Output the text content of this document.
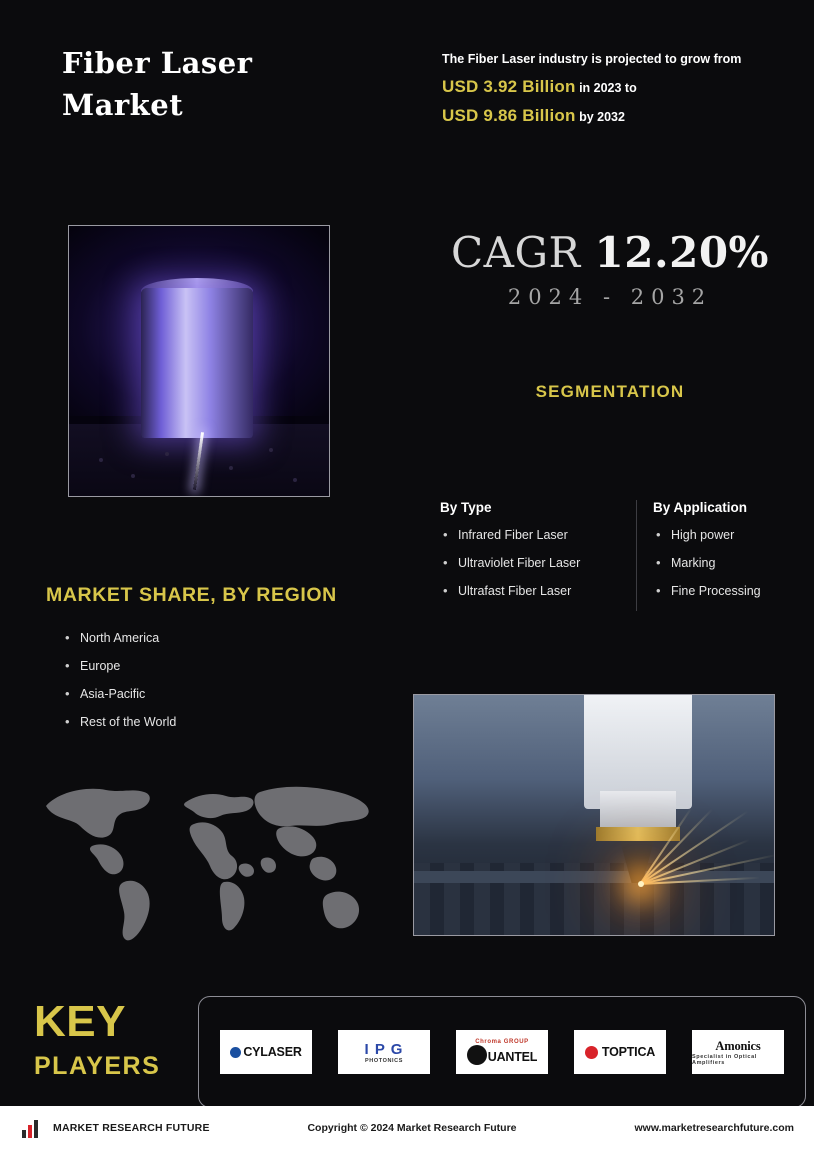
Fiber Laser
Market
The Fiber Laser industry is projected to grow from
USD 3.92 Billion in 2023 to
USD 9.86 Billion by 2032
CAGR 12.20%
2024 - 2032
SEGMENTATION
By Type
• Infrared Fiber Laser
• Ultraviolet Fiber Laser
• Ultrafast Fiber Laser
By Application
• High power
• Marking
• Fine Processing
MARKET SHARE, BY REGION
• North America
• Europe
• Asia-Pacific
• Rest of the World
KEY
PLAYERS	CYLASER	I P G
PHOTONICS
Chroma GROUP
UANTEL	TOPTICA	Amonics
Specialist in Optical Amplifiers
MARKET RESEARCH FUTURE	Copyright © 2024 Market Research Future	www.marketresearchfuture.com
